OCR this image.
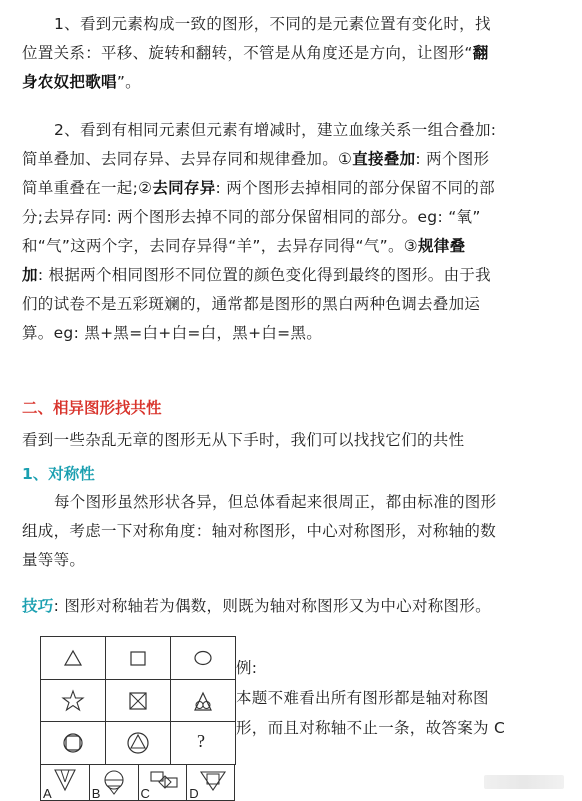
1、看到元素构成一致的图形，不同的是元素位置有变化时，找
位置关系：平移、旋转和翻转，不管是从角度还是方向，让图形“翻
身农奴把歌唱”。
2、看到有相同元素但元素有增减时，建立血缘关系一组合叠加:
简单叠加、去同存异、去异存同和规律叠加。①直接叠加: 两个图形
简单重叠在一起;②去同存异: 两个图形去掉相同的部分保留不同的部
分;去异存同: 两个图形去掉不同的部分保留相同的部分。eg: “氧”
和“气”这两个字，去同存异得“羊”，去异存同得“气”。③规律叠
加: 根据两个相同图形不同位置的颜色变化得到最终的图形。由于我
们的试卷不是五彩斑斓的，通常都是图形的黑白两种色调去叠加运
算。eg: 黑+黑=白+白=白，黑+白=黑。
二、相异图形找共性
看到一些杂乱无章的图形无从下手时，我们可以找找它们的共性
1、对称性
每个图形虽然形状各异，但总体看起来很周正，都由标准的图形
组成，考虑一下对称角度：轴对称图形，中心对称图形，对称轴的数
量等等。
技巧: 图形对称轴若为偶数，则既为轴对称图形又为中心对称图形。
?
A	B	C	D
例:
本题不难看出所有图形都是轴对称图
形，而且对称轴不止一条，故答案为 C
